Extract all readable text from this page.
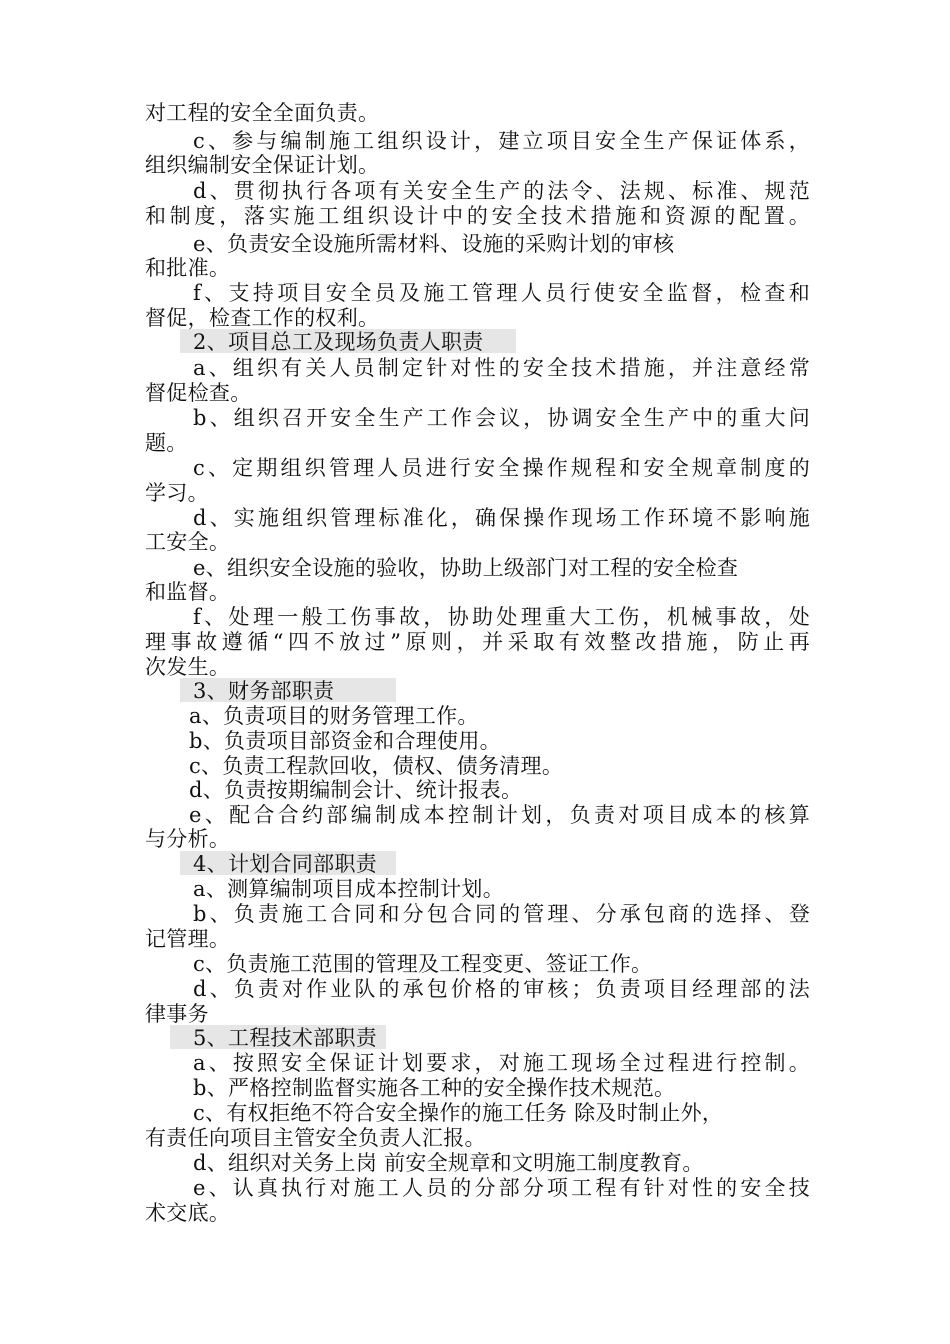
对工程的安全全面负责。
c、参与编制施工组织设计，建立项目安全生产保证体系，
组织编制安全保证计划。
d、贯彻执行各项有关安全生产的法令、法规、标准、规范
和制度，落实施工组织设计中的安全技术措施和资源的配置。
e、负责安全设施所需材料、设施的采购计划的审核
和批准。
f、支持项目安全员及施工管理人员行使安全监督，检查和
督促，检查工作的权利。
2、项目总工及现场负责人职责
a、组织有关人员制定针对性的安全技术措施，并注意经常
督促检查。
b、组织召开安全生产工作会议，协调安全生产中的重大问
题。
c、定期组织管理人员进行安全操作规程和安全规章制度的
学习。
d、实施组织管理标准化，确保操作现场工作环境不影响施
工安全。
e、组织安全设施的验收，协助上级部门对工程的安全检查
和监督。
f、处理一般工伤事故，协助处理重大工伤，机械事故，处
理事故遵循“四不放过”原则，并采取有效整改措施，防止再
次发生。
3、财务部职责
a、负责项目的财务管理工作。
b、负责项目部资金和合理使用。
c、负责工程款回收，债权、债务清理。
d、负责按期编制会计、统计报表。
e、配合合约部编制成本控制计划，负责对项目成本的核算
与分析。
4、计划合同部职责
a、测算编制项目成本控制计划。
b、负责施工合同和分包合同的管理、分承包商的选择、登
记管理。
c、负责施工范围的管理及工程变更、签证工作。
d、负责对作业队的承包价格的审核；负责项目经理部的法
律事务
5、工程技术部职责
a、按照安全保证计划要求，对施工现场全过程进行控制。
b、严格控制监督实施各工种的安全操作技术规范。
c、有权拒绝不符合安全操作的施工任务 除及时制止外，
有责任向项目主管安全负责人汇报。
d、组织对关务上岗 前安全规章和文明施工制度教育。
e、认真执行对施工人员的分部分项工程有针对性的安全技
术交底。
